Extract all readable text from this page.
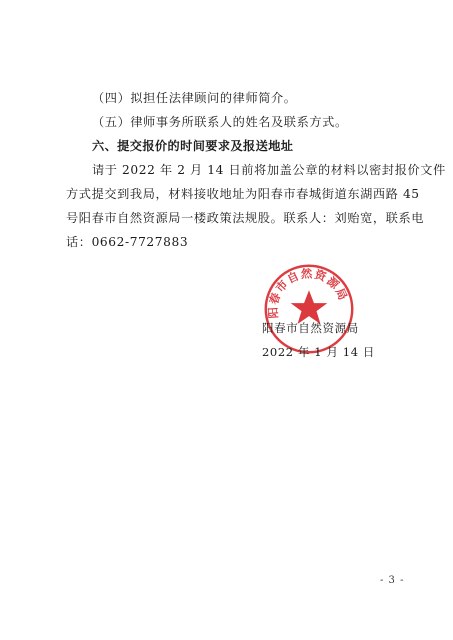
（四）拟担任法律顾问的律师简介。
（五）律师事务所联系人的姓名及联系方式。
六、提交报价的时间要求及报送地址
请于 2022 年 2 月 14 日前将加盖公章的材料以密封报价文件
方式提交到我局，材料接收地址为阳春市春城街道东湖西路 45
号阳春市自然资源局一楼政策法规股。联系人：刘贻宽，联系电
话：0662-7727883
阳春市自然资源局
阳春市自然资源局
2022 年 1 月 14 日
- 3 -
